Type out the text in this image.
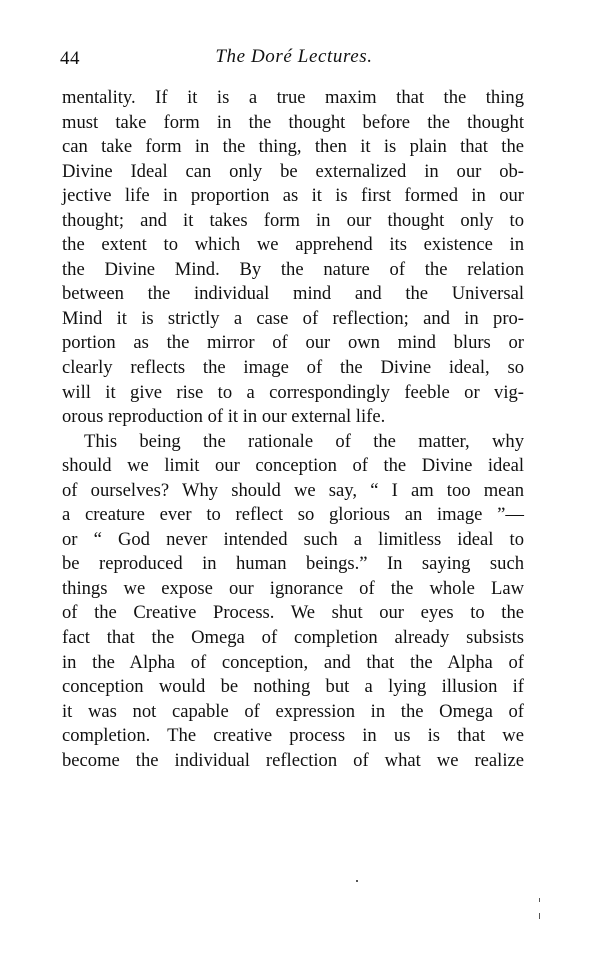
44	The Doré Lectures.
mentality. If it is a true maxim that the thing
must take form in the thought before the thought
can take form in the thing, then it is plain that the
Divine Ideal can only be externalized in our ob-
jective life in proportion as it is first formed in our
thought; and it takes form in our thought only to
the extent to which we apprehend its existence in
the Divine Mind. By the nature of the relation
between the individual mind and the Universal
Mind it is strictly a case of reflection; and in pro-
portion as the mirror of our own mind blurs or
clearly reflects the image of the Divine ideal, so
will it give rise to a correspondingly feeble or vig-
orous reproduction of it in our external life.
This being the rationale of the matter, why
should we limit our conception of the Divine ideal
of ourselves? Why should we say, “ I am too mean
a creature ever to reflect so glorious an image ”—
or “ God never intended such a limitless ideal to
be reproduced in human beings.” In saying such
things we expose our ignorance of the whole Law
of the Creative Process. We shut our eyes to the
fact that the Omega of completion already subsists
in the Alpha of conception, and that the Alpha of
conception would be nothing but a lying illusion if
it was not capable of expression in the Omega of
completion. The creative process in us is that we
become the individual reflection of what we realize
